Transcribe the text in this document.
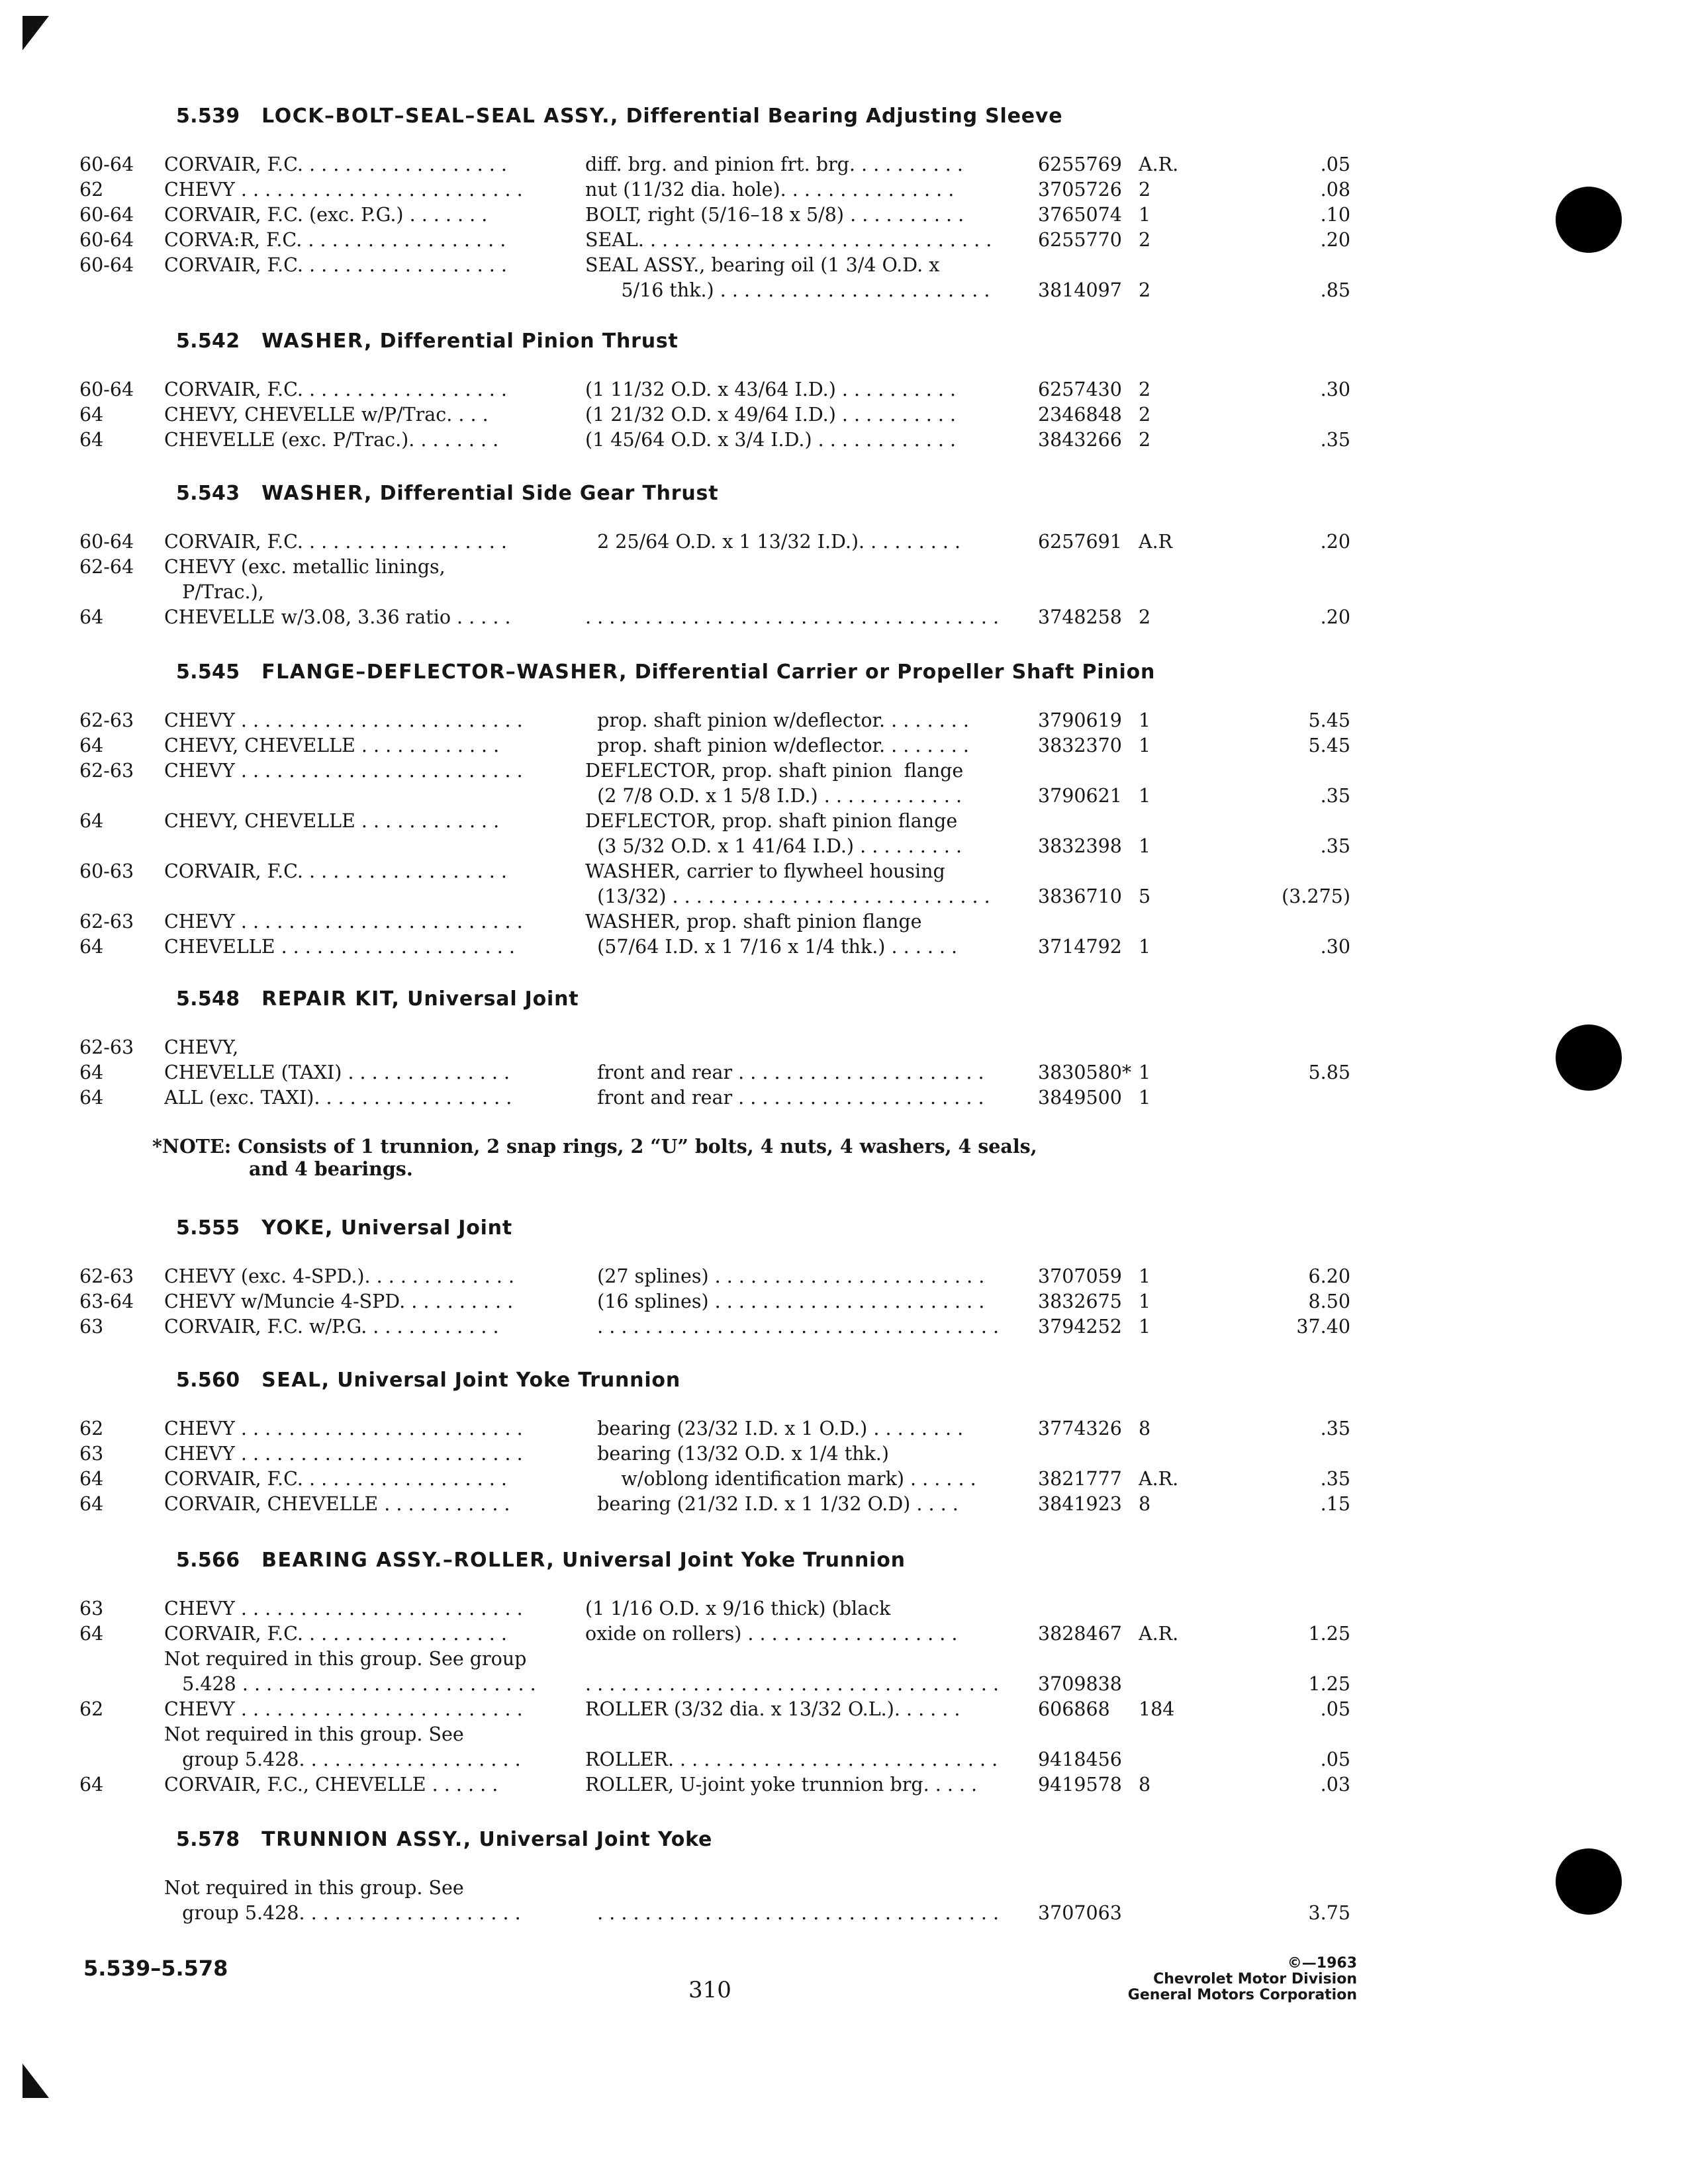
5.539 LOCK–BOLT–SEAL–SEAL ASSY., Differential Bearing Adjusting Sleeve
60-64	CORVAIR, F.C. . . . . . . . . . . . . . . . . .	diff. brg. and pinion frt. brg. . . . . . . . . .	6255769 A.R.	.05
62	CHEVY . . . . . . . . . . . . . . . . . . . . . . . .	nut (11/32 dia. hole). . . . . . . . . . . . . . .	3705726 2	.08
60-64	CORVAIR, F.C. (exc. P.G.) . . . . . . .	BOLT, right (5/16–18 x 5/8) . . . . . . . . . .	3765074 1	.10
60-64	CORVA:R, F.C. . . . . . . . . . . . . . . . . .	SEAL. . . . . . . . . . . . . . . . . . . . . . . . . . . . . .	6255770 2	.20
60-64	CORVAIR, F.C. . . . . . . . . . . . . . . . . .	SEAL ASSY., bearing oil (1 3/4 O.D. x
5/16 thk.) . . . . . . . . . . . . . . . . . . . . . . .	3814097 2	.85
5.542 WASHER, Differential Pinion Thrust
60-64	CORVAIR, F.C. . . . . . . . . . . . . . . . . .	(1 11/32 O.D. x 43/64 I.D.) . . . . . . . . . .	6257430 2	.30
64	CHEVY, CHEVELLE w/P/Trac. . . .	(1 21/32 O.D. x 49/64 I.D.) . . . . . . . . . .	2346848 2
64	CHEVELLE (exc. P/Trac.). . . . . . . .	(1 45/64 O.D. x 3/4 I.D.) . . . . . . . . . . . .	3843266 2	.35
5.543 WASHER, Differential Side Gear Thrust
60-64	CORVAIR, F.C. . . . . . . . . . . . . . . . . .	2 25/64 O.D. x 1 13/32 I.D.). . . . . . . . .	6257691 A.R	.20
62-64	CHEVY (exc. metallic linings,
P/Trac.),
64	CHEVELLE w/3.08, 3.36 ratio . . . . .	. . . . . . . . . . . . . . . . . . . . . . . . . . . . . . . . . . .	3748258 2	.20
5.545 FLANGE–DEFLECTOR–WASHER, Differential Carrier or Propeller Shaft Pinion
62-63	CHEVY . . . . . . . . . . . . . . . . . . . . . . . .	prop. shaft pinion w/deflector. . . . . . . .	3790619 1	5.45
64	CHEVY, CHEVELLE . . . . . . . . . . . .	prop. shaft pinion w/deflector. . . . . . . .	3832370 1	5.45
62-63	CHEVY . . . . . . . . . . . . . . . . . . . . . . . .	DEFLECTOR, prop. shaft pinion  flange
(2 7/8 O.D. x 1 5/8 I.D.) . . . . . . . . . . . .	3790621 1	.35
64	CHEVY, CHEVELLE . . . . . . . . . . . .	DEFLECTOR, prop. shaft pinion flange
(3 5/32 O.D. x 1 41/64 I.D.) . . . . . . . . .	3832398 1	.35
60-63	CORVAIR, F.C. . . . . . . . . . . . . . . . . .	WASHER, carrier to flywheel housing
(13/32) . . . . . . . . . . . . . . . . . . . . . . . . . . .	3836710 5	(3.275)
62-63	CHEVY . . . . . . . . . . . . . . . . . . . . . . . .	WASHER, prop. shaft pinion flange
64	CHEVELLE . . . . . . . . . . . . . . . . . . . .	(57/64 I.D. x 1 7/16 x 1/4 thk.) . . . . . .	3714792 1	.30
5.548 REPAIR KIT, Universal Joint
62-63	CHEVY,
64	CHEVELLE (TAXI) . . . . . . . . . . . . . .	front and rear . . . . . . . . . . . . . . . . . . . . .	3830580* 1	5.85
64	ALL (exc. TAXI). . . . . . . . . . . . . . . . .	front and rear . . . . . . . . . . . . . . . . . . . . .	3849500 1
*NOTE: Consists of 1 trunnion, 2 snap rings, 2 “U” bolts, 4 nuts, 4 washers, 4 seals,
and 4 bearings.
5.555 YOKE, Universal Joint
62-63	CHEVY (exc. 4-SPD.). . . . . . . . . . . . .	(27 splines) . . . . . . . . . . . . . . . . . . . . . . .	3707059 1	6.20
63-64	CHEVY w/Muncie 4-SPD. . . . . . . . . .	(16 splines) . . . . . . . . . . . . . . . . . . . . . . .	3832675 1	8.50
63	CORVAIR, F.C. w/P.G. . . . . . . . . . . .	. . . . . . . . . . . . . . . . . . . . . . . . . . . . . . . . . .	3794252 1	37.40
5.560 SEAL, Universal Joint Yoke Trunnion
62	CHEVY . . . . . . . . . . . . . . . . . . . . . . . .	bearing (23/32 I.D. x 1 O.D.) . . . . . . . .	3774326 8	.35
63	CHEVY . . . . . . . . . . . . . . . . . . . . . . . .	bearing (13/32 O.D. x 1/4 thk.)
64	CORVAIR, F.C. . . . . . . . . . . . . . . . . .	w/oblong identification mark) . . . . . .	3821777 A.R.	.35
64	CORVAIR, CHEVELLE . . . . . . . . . . .	bearing (21/32 I.D. x 1 1/32 O.D) . . . .	3841923 8	.15
5.566 BEARING ASSY.–ROLLER, Universal Joint Yoke Trunnion
63	CHEVY . . . . . . . . . . . . . . . . . . . . . . . .	(1 1/16 O.D. x 9/16 thick) (black
64	CORVAIR, F.C. . . . . . . . . . . . . . . . . .	oxide on rollers) . . . . . . . . . . . . . . . . . .	3828467 A.R.	1.25
Not required in this group. See group
5.428 . . . . . . . . . . . . . . . . . . . . . . . . .	. . . . . . . . . . . . . . . . . . . . . . . . . . . . . . . . . . .	3709838	1.25
62	CHEVY . . . . . . . . . . . . . . . . . . . . . . . .	ROLLER (3/32 dia. x 13/32 O.L.). . . . . .	606868	184	.05
Not required in this group. See
group 5.428. . . . . . . . . . . . . . . . . . .	ROLLER. . . . . . . . . . . . . . . . . . . . . . . . . . . .	9418456	.05
64	CORVAIR, F.C., CHEVELLE . . . . . .	ROLLER, U-joint yoke trunnion brg. . . . .	9419578 8	.03
5.578 TRUNNION ASSY., Universal Joint Yoke
Not required in this group. See
group 5.428. . . . . . . . . . . . . . . . . . .	. . . . . . . . . . . . . . . . . . . . . . . . . . . . . . . . . .	3707063	3.75
5.539–5.578
310
©—1963
Chevrolet Motor Division
General Motors Corporation
